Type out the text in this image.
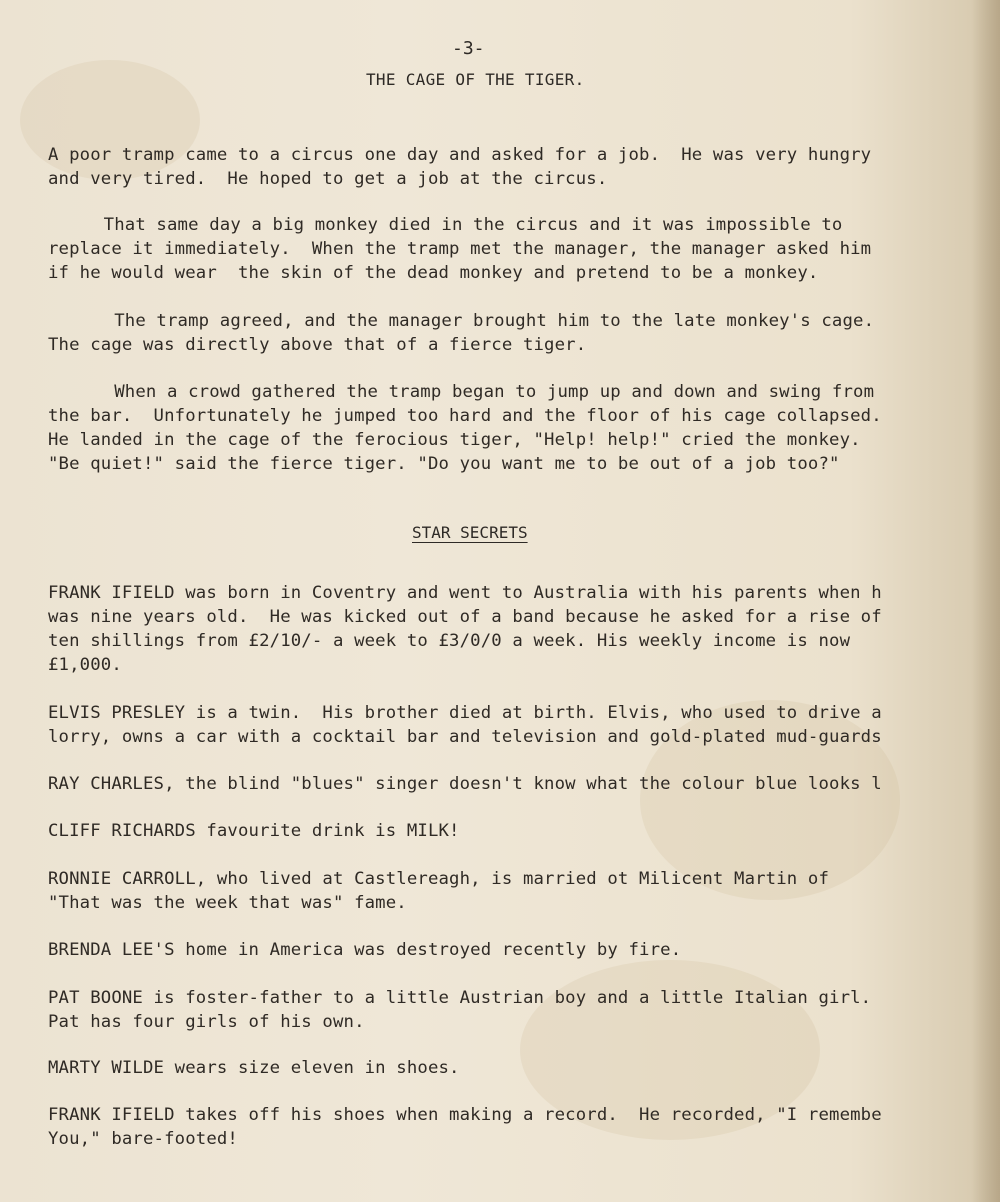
-3-
THE CAGE OF THE TIGER.
A poor tramp came to a circus one day and asked for a job.  He was very hungry
and very tired.  He hoped to get a job at the circus.
That same day a big monkey died in the circus and it was impossible to
replace it immediately.  When the tramp met the manager, the manager asked him
if he would wear  the skin of the dead monkey and pretend to be a monkey.
The tramp agreed, and the manager brought him to the late monkey's cage.
The cage was directly above that of a fierce tiger.
When a crowd gathered the tramp began to jump up and down and swing from
the bar.  Unfortunately he jumped too hard and the floor of his cage collapsed.
He landed in the cage of the ferocious tiger, "Help! help!" cried the monkey.
"Be quiet!" said the fierce tiger. "Do you want me to be out of a job too?"
STAR SECRETS
FRANK IFIELD was born in Coventry and went to Australia with his parents when h
was nine years old.  He was kicked out of a band because he asked for a rise of
ten shillings from £2/10/- a week to £3/0/0 a week. His weekly income is now
£1,000.
ELVIS PRESLEY is a twin.  His brother died at birth. Elvis, who used to drive a
lorry, owns a car with a cocktail bar and television and gold-plated mud-guards
RAY CHARLES, the blind "blues" singer doesn't know what the colour blue looks l
CLIFF RICHARDS favourite drink is MILK!
RONNIE CARROLL, who lived at Castlereagh, is married ot Milicent Martin of
"That was the week that was" fame.
BRENDA LEE'S home in America was destroyed recently by fire.
PAT BOONE is foster-father to a little Austrian boy and a little Italian girl.
Pat has four girls of his own.
MARTY WILDE wears size eleven in shoes.
FRANK IFIELD takes off his shoes when making a record.  He recorded, "I remembe
You," bare-footed!
